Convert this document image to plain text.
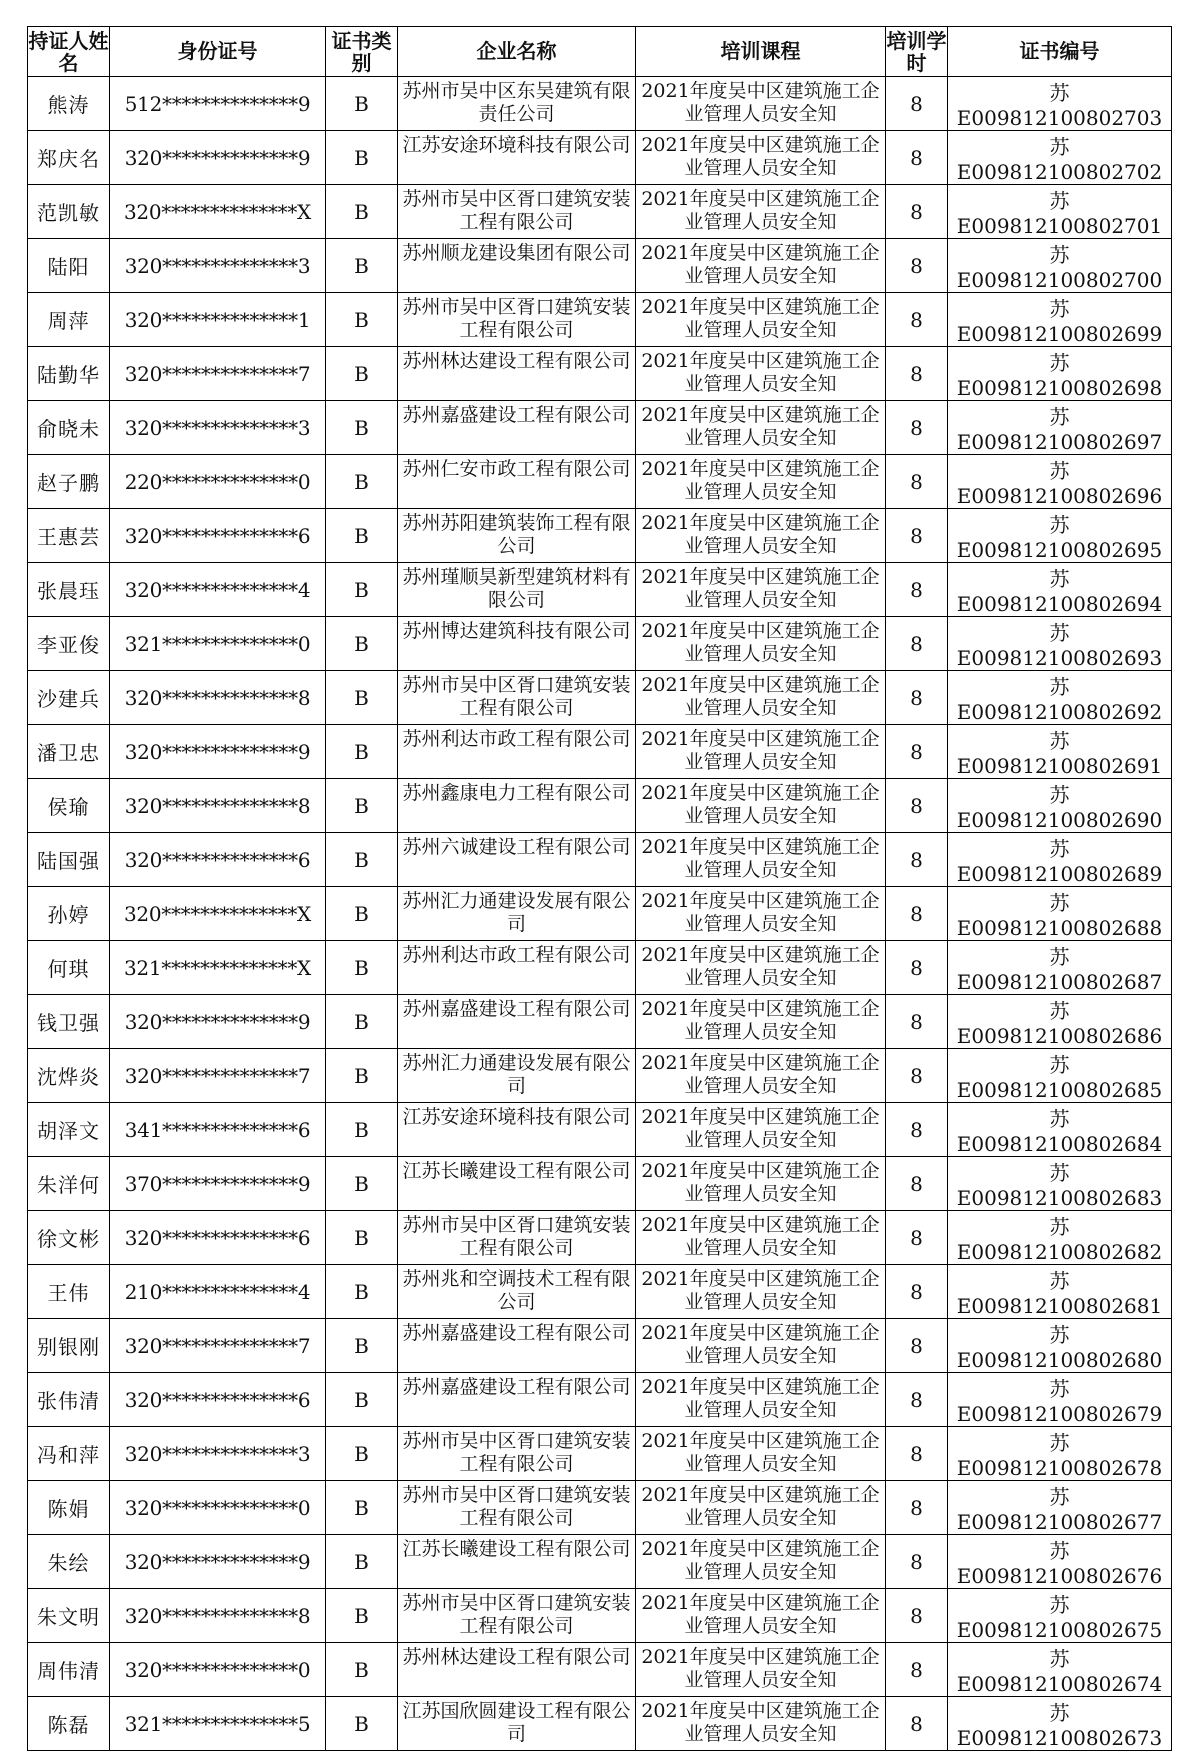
持证人姓名	身份证号	证书类别	企业名称	培训课程	培训学时	证书编号
熊涛	512**************9	B	苏州市吴中区东吴建筑有限责任公司	2021年度吴中区建筑施工企业管理人员安全知	8	苏E009812100802703
郑庆名	320**************9	B	江苏安途环境科技有限公司	2021年度吴中区建筑施工企业管理人员安全知	8	苏E009812100802702
范凯敏	320**************X	B	苏州市吴中区胥口建筑安装工程有限公司	2021年度吴中区建筑施工企业管理人员安全知	8	苏E009812100802701
陆阳	320**************3	B	苏州顺龙建设集团有限公司	2021年度吴中区建筑施工企业管理人员安全知	8	苏E009812100802700
周萍	320**************1	B	苏州市吴中区胥口建筑安装工程有限公司	2021年度吴中区建筑施工企业管理人员安全知	8	苏E009812100802699
陆勤华	320**************7	B	苏州林达建设工程有限公司	2021年度吴中区建筑施工企业管理人员安全知	8	苏E009812100802698
俞晓未	320**************3	B	苏州嘉盛建设工程有限公司	2021年度吴中区建筑施工企业管理人员安全知	8	苏E009812100802697
赵子鹏	220**************0	B	苏州仁安市政工程有限公司	2021年度吴中区建筑施工企业管理人员安全知	8	苏E009812100802696
王惠芸	320**************6	B	苏州苏阳建筑装饰工程有限公司	2021年度吴中区建筑施工企业管理人员安全知	8	苏E009812100802695
张晨珏	320**************4	B	苏州瑾顺昊新型建筑材料有限公司	2021年度吴中区建筑施工企业管理人员安全知	8	苏E009812100802694
李亚俊	321**************0	B	苏州博达建筑科技有限公司	2021年度吴中区建筑施工企业管理人员安全知	8	苏E009812100802693
沙建兵	320**************8	B	苏州市吴中区胥口建筑安装工程有限公司	2021年度吴中区建筑施工企业管理人员安全知	8	苏E009812100802692
潘卫忠	320**************9	B	苏州利达市政工程有限公司	2021年度吴中区建筑施工企业管理人员安全知	8	苏E009812100802691
侯瑜	320**************8	B	苏州鑫康电力工程有限公司	2021年度吴中区建筑施工企业管理人员安全知	8	苏E009812100802690
陆国强	320**************6	B	苏州六诚建设工程有限公司	2021年度吴中区建筑施工企业管理人员安全知	8	苏E009812100802689
孙婷	320**************X	B	苏州汇力通建设发展有限公司	2021年度吴中区建筑施工企业管理人员安全知	8	苏E009812100802688
何琪	321**************X	B	苏州利达市政工程有限公司	2021年度吴中区建筑施工企业管理人员安全知	8	苏E009812100802687
钱卫强	320**************9	B	苏州嘉盛建设工程有限公司	2021年度吴中区建筑施工企业管理人员安全知	8	苏E009812100802686
沈烨炎	320**************7	B	苏州汇力通建设发展有限公司	2021年度吴中区建筑施工企业管理人员安全知	8	苏E009812100802685
胡泽文	341**************6	B	江苏安途环境科技有限公司	2021年度吴中区建筑施工企业管理人员安全知	8	苏E009812100802684
朱洋何	370**************9	B	江苏长曦建设工程有限公司	2021年度吴中区建筑施工企业管理人员安全知	8	苏E009812100802683
徐文彬	320**************6	B	苏州市吴中区胥口建筑安装工程有限公司	2021年度吴中区建筑施工企业管理人员安全知	8	苏E009812100802682
王伟	210**************4	B	苏州兆和空调技术工程有限公司	2021年度吴中区建筑施工企业管理人员安全知	8	苏E009812100802681
别银刚	320**************7	B	苏州嘉盛建设工程有限公司	2021年度吴中区建筑施工企业管理人员安全知	8	苏E009812100802680
张伟清	320**************6	B	苏州嘉盛建设工程有限公司	2021年度吴中区建筑施工企业管理人员安全知	8	苏E009812100802679
冯和萍	320**************3	B	苏州市吴中区胥口建筑安装工程有限公司	2021年度吴中区建筑施工企业管理人员安全知	8	苏E009812100802678
陈娟	320**************0	B	苏州市吴中区胥口建筑安装工程有限公司	2021年度吴中区建筑施工企业管理人员安全知	8	苏E009812100802677
朱绘	320**************9	B	江苏长曦建设工程有限公司	2021年度吴中区建筑施工企业管理人员安全知	8	苏E009812100802676
朱文明	320**************8	B	苏州市吴中区胥口建筑安装工程有限公司	2021年度吴中区建筑施工企业管理人员安全知	8	苏E009812100802675
周伟清	320**************0	B	苏州林达建设工程有限公司	2021年度吴中区建筑施工企业管理人员安全知	8	苏E009812100802674
陈磊	321**************5	B	江苏国欣圆建设工程有限公司	2021年度吴中区建筑施工企业管理人员安全知	8	苏E009812100802673
